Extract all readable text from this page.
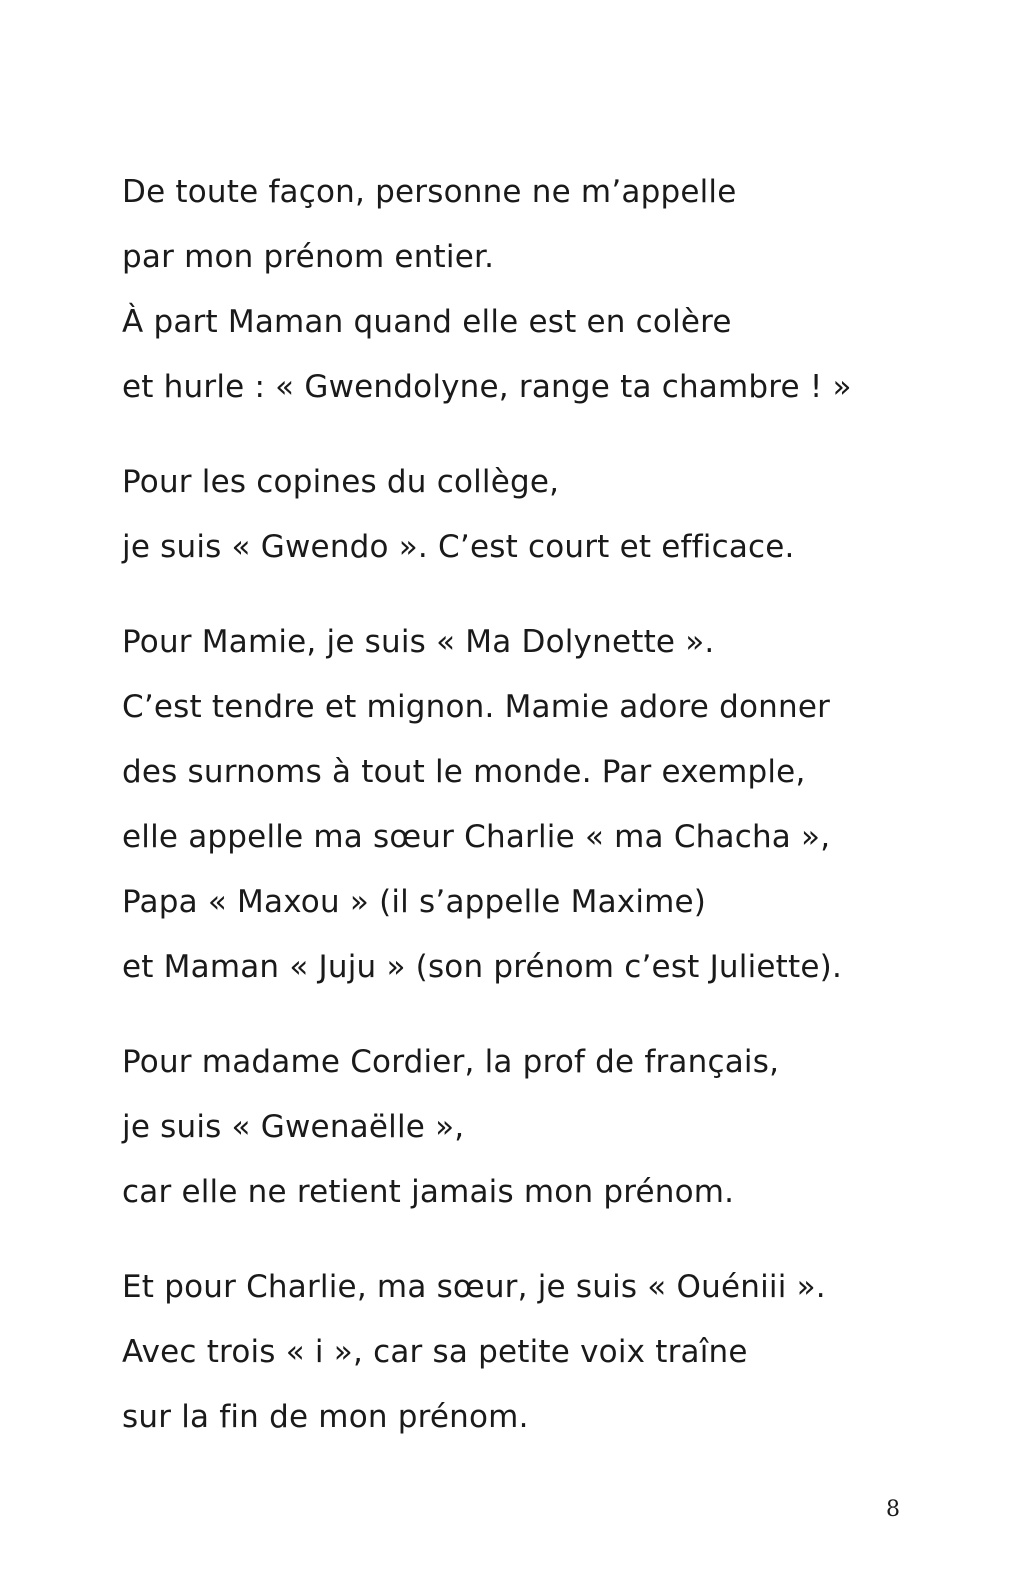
De toute façon, personne ne m’appelle
par mon prénom entier.
À part Maman quand elle est en colère
et hurle : « Gwendolyne, range ta chambre ! »

Pour les copines du collège,
je suis « Gwendo ». C’est court et efficace.

Pour Mamie, je suis « Ma Dolynette ».
C’est tendre et mignon. Mamie adore donner
des surnoms à tout le monde. Par exemple,
elle appelle ma sœur Charlie « ma Chacha »,
Papa « Maxou » (il s’appelle Maxime)
et Maman « Juju » (son prénom c’est Juliette).

Pour madame Cordier, la prof de français,
je suis « Gwenaëlle »,
car elle ne retient jamais mon prénom.

Et pour Charlie, ma sœur, je suis « Ouéniii ».
Avec trois « i », car sa petite voix traîne
sur la fin de mon prénom.

8
